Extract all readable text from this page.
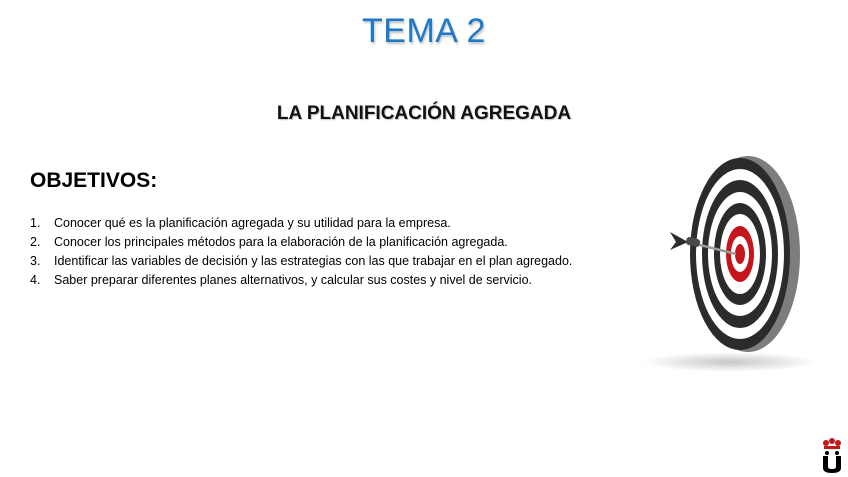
TEMA 2
LA PLANIFICACIÓN AGREGADA
OBJETIVOS:
1.	Conocer qué es la planificación agregada y su utilidad para la empresa.
2.	Conocer los principales métodos para la elaboración de la planificación agregada.
3.	Identificar las variables de decisión y las estrategias con las que trabajar en el plan agregado.
4.	Saber preparar diferentes planes alternativos, y calcular sus costes y nivel de servicio.
